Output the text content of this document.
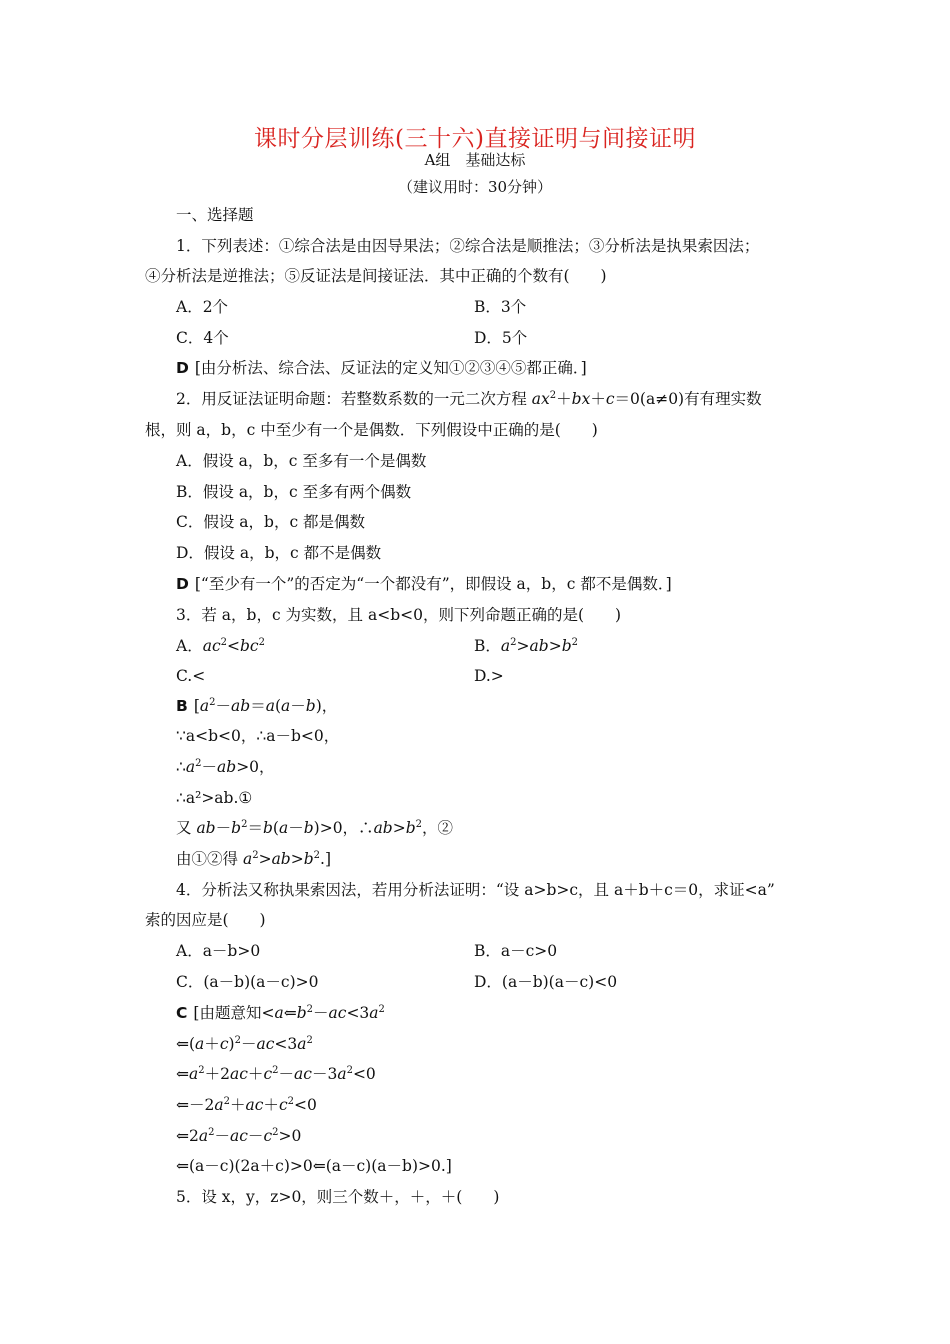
课时分层训练(三十六)直接证明与间接证明
A组　基础达标
（建议用时：30分钟）
一、选择题
1．下列表述：①综合法是由因导果法；②综合法是顺推法；③分析法是执果索因法；
④分析法是逆推法；⑤反证法是间接证法．其中正确的个数有(　　)
A．2个	B．3个
C．4个	D．5个
D [由分析法、综合法、反证法的定义知①②③④⑤都正确．]
2．用反证法证明命题：若整数系数的一元二次方程 $ax^2+bx+c=0(a\ne 0)$有有理实数
根，则 a，b，c 中至少有一个是偶数．下列假设中正确的是(　　)
A．假设 a，b，c 至多有一个是偶数
B．假设 a，b，c 至多有两个偶数
C．假设 a，b，c 都是偶数
D．假设 a，b，c 都不是偶数
D [“至少有一个”的否定为“一个都没有”，即假设 a，b，c 都不是偶数．]
3．若 a，b，c 为实数，且 a<b<0，则下列命题正确的是(　　)
A．$ac^2<bc^2$	B．$a^2>ab>b^2$
C.<	D.>
B [$a^2-ab=a(a-b)$，
∵a<b<0，∴a－b<0，
$\therefore a^2-ab>0$，
∴a²>ab.①
又 $ab-b^2=b(a-b)>0$，$\therefore ab>b^2$，②
由①②得 $a^2>ab>b^2$.]
4．分析法又称执果索因法，若用分析法证明：“设 a>b>c，且 a＋b＋c＝0，求证<a”
索的因应是(　　)
A．a－b>0	B．a－c>0
C．(a－b)(a－c)>0	D．(a－b)(a－c)<0
C [由题意知$<a⇐b^2-ac<3a^2$
$⇐(a+c)^2-ac<3a^2$
$⇐a^2+2ac+c^2-ac-3a^2<0$
$⇐-2a^2+ac+c^2<0$
$⇐2a^2-ac-c^2>0$
⇐(a－c)(2a＋c)>0⇐(a－c)(a－b)>0.]
5．设 x，y，z>0，则三个数＋，＋，＋(　　)
